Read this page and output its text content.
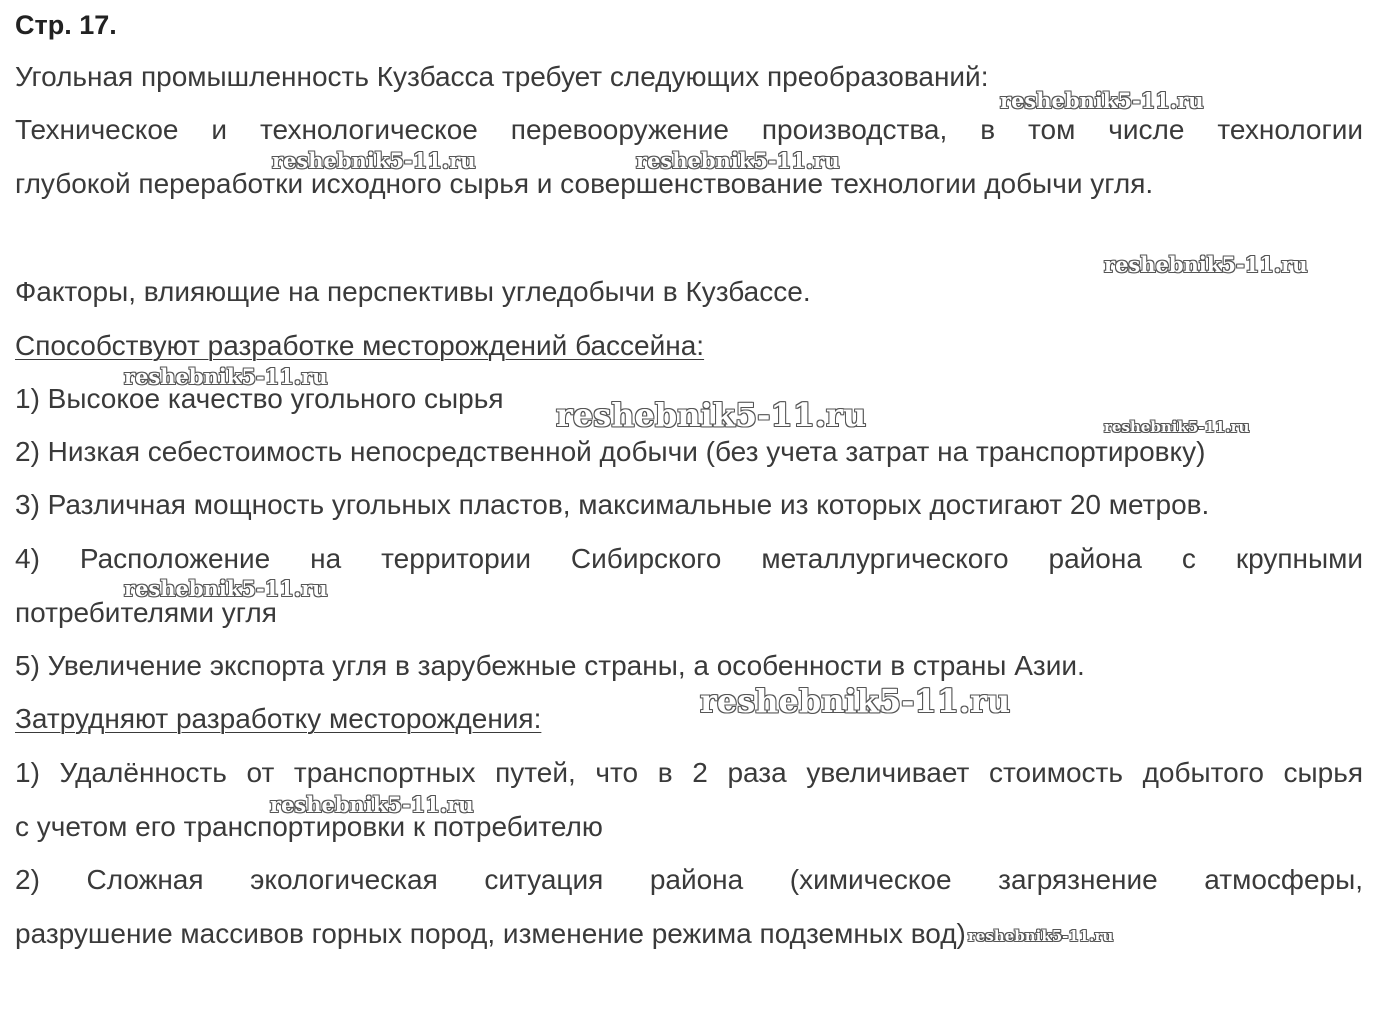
Стр. 17.
Угольная промышленность Кузбасса требует следующих преобразований:
Техническое и технологическое перевооружение производства, в том числе технологии
глубокой переработки исходного сырья и совершенствование технологии добычи угля.
Факторы, влияющие на перспективы угледобычи в Кузбассе.
Способствуют разработке месторождений бассейна:
1) Высокое качество угольного сырья
2) Низкая себестоимость непосредственной добычи (без учета затрат на транспортировку)
3) Различная мощность угольных пластов, максимальные из которых достигают 20 метров.
4) Расположение на территории Сибирского металлургического района с крупными
потребителями угля
5) Увеличение экспорта угля в зарубежные страны, а особенности в страны Азии.
Затрудняют разработку месторождения:
1) Удалённость от транспортных путей, что в 2 раза увеличивает стоимость добытого сырья
с учетом его транспортировки к потребителю
2) Сложная экологическая ситуация района (химическое загрязнение атмосферы,
разрушение массивов горных пород, изменение режима подземных вод) reshebnik5-11.ru
reshebnik5-11.ru
reshebnik5-11.ru	reshebnik5-11.ru
reshebnik5-11.ru
reshebnik5-11.ru
reshebnik5-11.ru	reshebnik5-11.ru
reshebnik5-11.ru
reshebnik5-11.ru
reshebnik5-11.ru
